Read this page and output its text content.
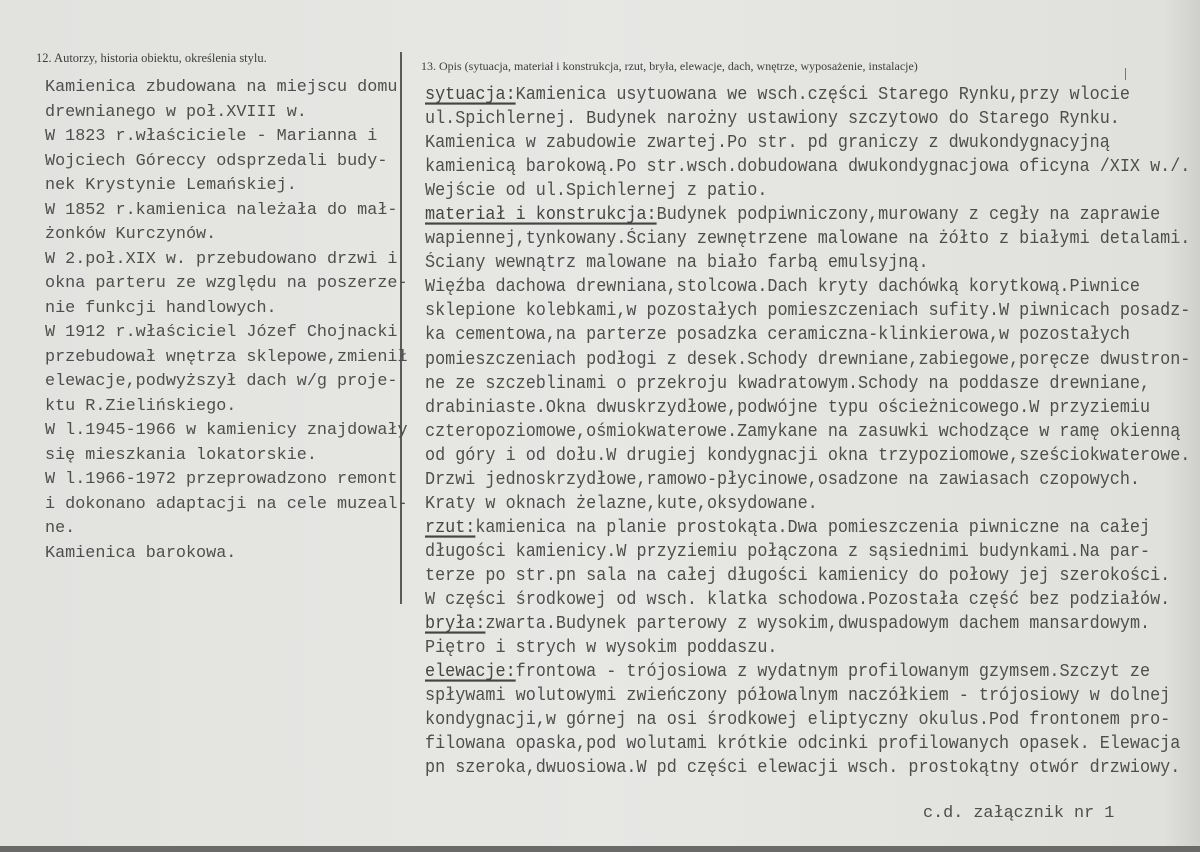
12. Autorzy, historia obiektu, określenia stylu.
13. Opis (sytuacja, materiał i konstrukcja, rzut, bryła, elewacje, dach, wnętrze, wyposażenie, instalacje)
Kamienica zbudowana na miejscu domu
drewnianego w poł.XVIII w.
W 1823 r.właściciele - Marianna i
Wojciech Góreccy odsprzedali budy-
nek Krystynie Lemańskiej.
W 1852 r.kamienica należała do mał-
żonków Kurczynów.
W 2.poł.XIX w. przebudowano drzwi i
okna parteru ze względu na poszerze-
nie funkcji handlowych.
W 1912 r.właściciel Józef Chojnacki
przebudował wnętrza sklepowe,zmienił
elewacje,podwyższył dach w/g proje-
ktu R.Zielińskiego.
W l.1945-1966 w kamienicy znajdowały
się mieszkania lokatorskie.
W l.1966-1972 przeprowadzono remont
i dokonano adaptacji na cele muzeal-
ne.
Kamienica barokowa.
sytuacja:Kamienica usytuowana we wsch.części Starego Rynku,przy wlocie
ul.Spichlernej. Budynek narożny ustawiony szczytowo do Starego Rynku.
Kamienica w zabudowie zwartej.Po str. pd graniczy z dwukondygnacyjną
kamienicą barokową.Po str.wsch.dobudowana dwukondygnacjowa oficyna /XIX w./.
Wejście od ul.Spichlernej z patio.
materiał i konstrukcja:Budynek podpiwniczony,murowany z cegły na zaprawie
wapiennej,tynkowany.Ściany zewnętrzene malowane na żółto z białymi detalami.
Ściany wewnątrz malowane na biało farbą emulsyjną.
Więźba dachowa drewniana,stolcowa.Dach kryty dachówką korytkową.Piwnice
sklepione kolebkami,w pozostałych pomieszczeniach sufity.W piwnicach posadz-
ka cementowa,na parterze posadzka ceramiczna-klinkierowa,w pozostałych
pomieszczeniach podłogi z desek.Schody drewniane,zabiegowe,poręcze dwustron-
ne ze szczeblinami o przekroju kwadratowym.Schody na poddasze drewniane,
drabiniaste.Okna dwuskrzydłowe,podwójne typu ościeżnicowego.W przyziemiu
czteropoziomowe,ośmiokwaterowe.Zamykane na zasuwki wchodzące w ramę okienną
od góry i od dołu.W drugiej kondygnacji okna trzypoziomowe,sześciokwaterowe.
Drzwi jednoskrzydłowe,ramowo-płycinowe,osadzone na zawiasach czopowych.
Kraty w oknach żelazne,kute,oksydowane.
rzut:kamienica na planie prostokąta.Dwa pomieszczenia piwniczne na całej
długości kamienicy.W przyziemiu połączona z sąsiednimi budynkami.Na par-
terze po str.pn sala na całej długości kamienicy do połowy jej szerokości.
W części środkowej od wsch. klatka schodowa.Pozostała część bez podziałów.
bryła:zwarta.Budynek parterowy z wysokim,dwuspadowym dachem mansardowym.
Piętro i strych w wysokim poddaszu.
elewacje:frontowa - trójosiowa z wydatnym profilowanym gzymsem.Szczyt ze
spływami wolutowymi zwieńczony półowalnym naczółkiem - trójosiowy w dolnej
kondygnacji,w górnej na osi środkowej eliptyczny okulus.Pod frontonem pro-
filowana opaska,pod wolutami krótkie odcinki profilowanych opasek. Elewacja
pn szeroka,dwuosiowa.W pd części elewacji wsch. prostokątny otwór drzwiowy.
c.d. załącznik nr 1
